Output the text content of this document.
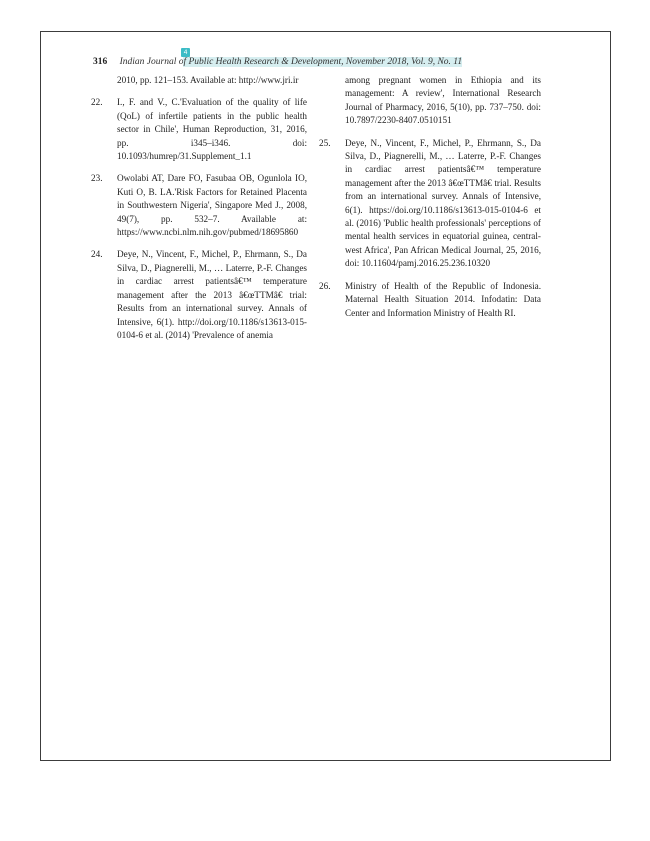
4
316 Indian Journal of Public Health Research & Development, November 2018, Vol. 9, No. 11
2010, pp. 121–153. Available at: http://www.jri.ir
22. I., F. and V., C.'Evaluation of the quality of life (QoL) of infertile patients in the public health sector in Chile', Human Reproduction, 31, 2016, pp. i345–i346. doi: 10.1093/humrep/31.Supplement_1.1
23. Owolabi AT, Dare FO, Fasubaa OB, Ogunlola IO, Kuti O, B. LA.'Risk Factors for Retained Placenta in Southwestern Nigeria', Singapore Med J., 2008, 49(7), pp. 532–7. Available at: https://www.ncbi.nlm.nih.gov/pubmed/18695860
24. Deye, N., Vincent, F., Michel, P., Ehrmann, S., Da Silva, D., Piagnerelli, M., … Laterre, P.-F. Changes in cardiac arrest patientsâ€™ temperature management after the 2013 â€œTTMâ€ trial: Results from an international survey. Annals of Intensive, 6(1). http://doi.org/10.1186/s13613-015-0104-6 et al. (2014) 'Prevalence of anemia
among pregnant women in Ethiopia and its management: A review', International Research Journal of Pharmacy, 2016, 5(10), pp. 737–750. doi: 10.7897/2230-8407.0510151
25. Deye, N., Vincent, F., Michel, P., Ehrmann, S., Da Silva, D., Piagnerelli, M., … Laterre, P.-F. Changes in cardiac arrest patientsâ€™ temperature management after the 2013 â€œTTMâ€ trial. Results from an international survey. Annals of Intensive, 6(1). https://doi.org/10.1186/s13613-015-0104-6 et al. (2016) 'Public health professionals' perceptions of mental health services in equatorial guinea, central-west Africa', Pan African Medical Journal, 25, 2016, doi: 10.11604/pamj.2016.25.236.10320
26. Ministry of Health of the Republic of Indonesia. Maternal Health Situation 2014. Infodatin: Data Center and Information Ministry of Health RI.
